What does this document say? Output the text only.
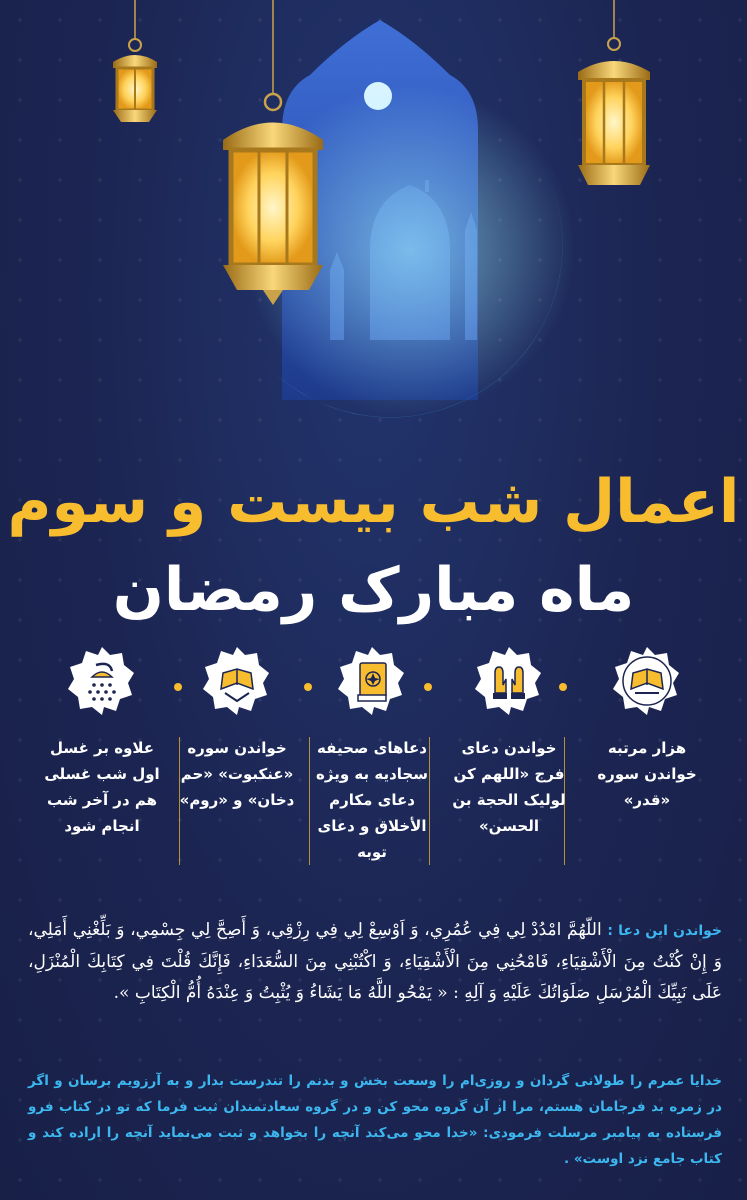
اعمال شب بیست و سوم
ماه مبارک رمضان
هزار مرتبه خواندن سوره «قدر»
خواندن دعای فرج «اللهم کن لولیک الحجة بن الحسن»
دعاهای صحیفه سجادیه به ویژه دعای مکارم الأخلاق و دعای توبه
خواندن سوره «عنکبوت» «حم دخان» و «روم»
علاوه بر غسل اول شب غسلی هم در آخر شب انجام شود
خواندن این دعا : اللّهُمَّ امْدُدْ لِي فِي عُمُرِي، وَ اَوْسِعْ لِي فِي رِزْقِي، وَ أَصِحَّ لِي جِسْمِي، وَ بَلِّغْنِي أَمَلِي، وَ إِنْ كُنْتُ مِنَ الْأَشْقِيَاءِ، فَامْحُنِي مِنَ الْأَشْقِيَاءِ، وَ اكْتُبْنِي مِنَ السُّعَدَاءِ، فَإِنَّكَ قُلْتَ فِي كِتَابِكَ الْمُنْزَلِ، عَلَى نَبِيِّكَ الْمُرْسَلِ صَلَوَاتُكَ عَلَيْهِ وَ آلِهِ : « يَمْحُو اللَّهُ مَا يَشَاءُ وَ يُثْبِتُ وَ عِنْدَهُ أُمُّ الْكِتَابِ ».
خدایا عمرم را طولانی گردان و روزی‌ام را وسعت بخش و بدنم را تندرست بدار و به آرزویم برسان و اگر در زمره بد فرجامان هستم، مرا از آن گروه محو کن و در گروه سعادتمندان ثبت فرما که تو در کتاب فرو فرستاده به پیامبر مرسلت فرمودی: «خدا محو می‌کند آنچه را بخواهد و ثبت می‌نماید آنچه را اراده کند و کتاب جامع نزد اوست» .
